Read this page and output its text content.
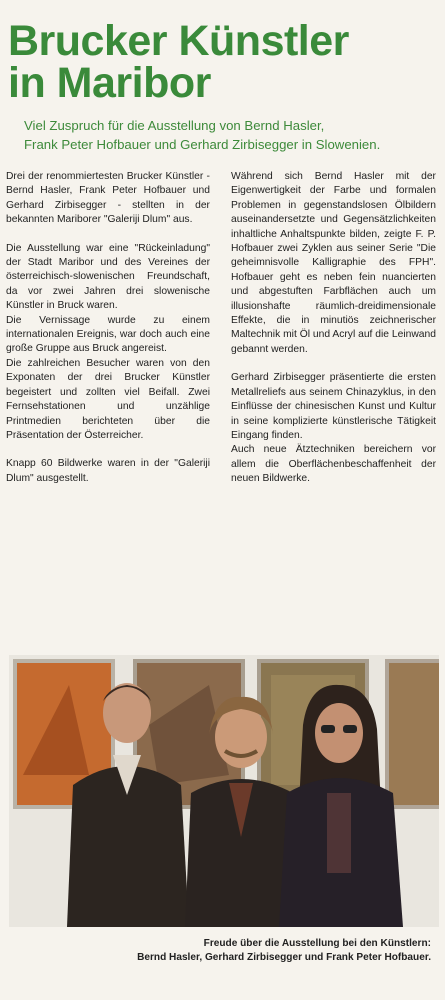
Brucker Künstler
in Maribor

Viel Zuspruch für die Ausstellung von Bernd Hasler,
Frank Peter Hofbauer und Gerhard Zirbisegger in Slowenien.

Drei der renommiertesten Brucker Künstler - Bernd Hasler, Frank Peter Hofbauer und Gerhard Zirbisegger - stellten in der bekannten Mariborer "Galeriji Dlum" aus.

Die Ausstellung war eine "Rückeinladung" der Stadt Maribor und des Vereines der österreichisch-slowenischen Freundschaft, da vor zwei Jahren drei slowenische Künstler in Bruck waren.

Die Vernissage wurde zu einem internationalen Ereignis, war doch auch eine große Gruppe aus Bruck angereist.

Die zahlreichen Besucher waren von den Exponaten der drei Brucker Künstler begeistert und zollten viel Beifall. Zwei Fernsehstationen und unzählige Printmedien berichteten über die Präsentation der Österreicher.

Knapp 60 Bildwerke waren in der "Galeriji Dlum" ausgestellt.

Während sich Bernd Hasler mit der Eigenwertigkeit der Farbe und formalen Problemen in gegenstandslosen Ölbildern auseinandersetzte und Gegensätzlichkeiten inhaltliche Anhaltspunkte bilden, zeigte F. P. Hofbauer zwei Zyklen aus seiner Serie "Die geheimnisvolle Kalligraphie des FPH". Hofbauer geht es neben fein nuancierten und abgestuften Farbflächen auch um illusionshafte räumlich-dreidimensionale Effekte, die in minutiös zeichnerischer Maltechnik mit Öl und Acryl auf die Leinwand gebannt werden.

Gerhard Zirbisegger präsentierte die ersten Metallreliefs aus seinem Chinazyklus, in den Einflüsse der chinesischen Kunst und Kultur in seine komplizierte künstlerische Tätigkeit Eingang finden.

Auch neue Ätztechniken bereichern vor allem die Oberflächenbeschaffenheit der neuen Bildwerke.

Freude über die Ausstellung bei den Künstlern:
Bernd Hasler, Gerhard Zirbisegger und Frank Peter Hofbauer.
